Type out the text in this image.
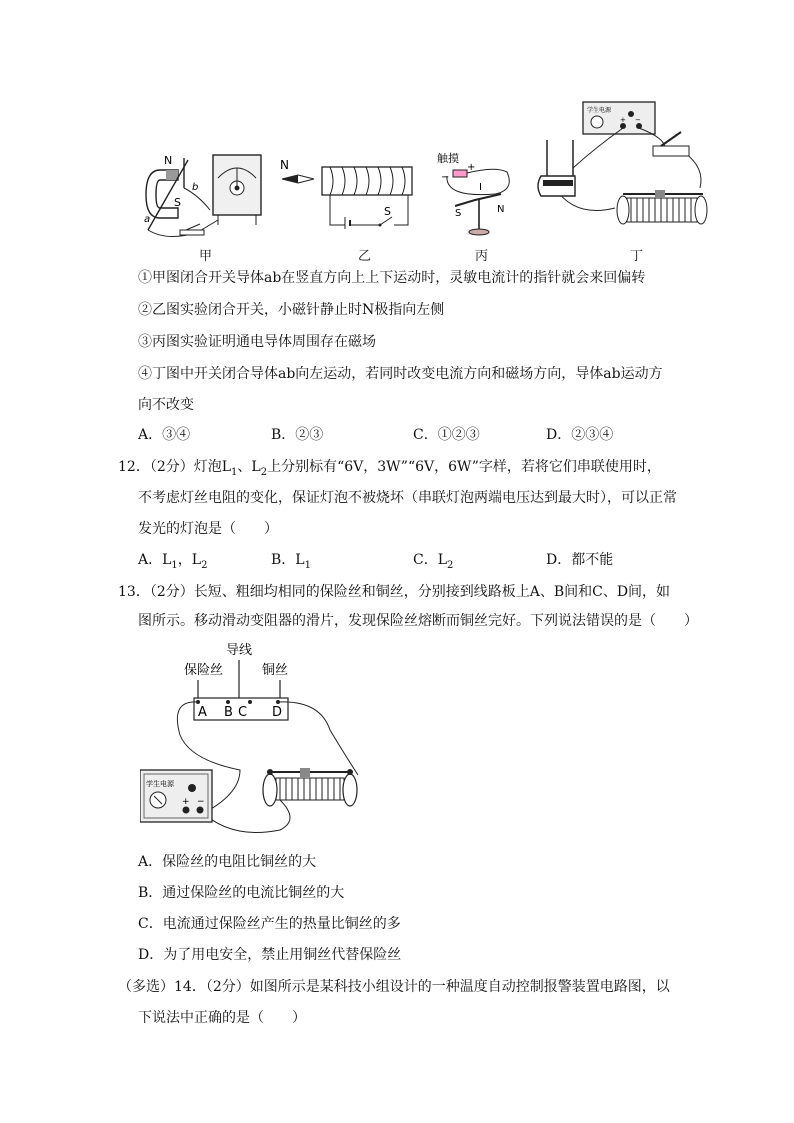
N
S
a
b
甲
N
S
乙
触摸
−
+
I
S	N
丙
学生电源
+ −
丁
①甲图闭合开关导体ab在竖直方向上上下运动时，灵敏电流计的指针就会来回偏转
②乙图实验闭合开关，小磁针静止时N极指向左侧
③丙图实验证明通电导体周围存在磁场
④丁图中开关闭合导体ab向左运动，若同时改变电流方向和磁场方向，导体ab运动方
向不改变
A．③④	B．②③	C．①②③	D．②③④
12．（2分）灯泡$L_1$、$L_2$上分别标有“6V，3W”“6V，6W”字样，若将它们串联使用时，
不考虑灯丝电阻的变化，保证灯泡不被烧坏（串联灯泡两端电压达到最大时），可以正常
发光的灯泡是（　　）
A．$L_1$，$L_2$	B．$L_1$	C．$L_2$	D．都不能
13．（2分）长短、粗细均相同的保险丝和铜丝，分别接到线路板上A、B间和C、D间，如
图所示。移动滑动变阻器的滑片，发现保险丝熔断而铜丝完好。下列说法错误的是（　　）
导线
保险丝	铜丝
A B C D
学生电源
+ −
A．保险丝的电阻比铜丝的大
B．通过保险丝的电流比铜丝的大
C．电流通过保险丝产生的热量比铜丝的多
D．为了用电安全，禁止用铜丝代替保险丝
（多选）14．（2分）如图所示是某科技小组设计的一种温度自动控制报警装置电路图，以
下说法中正确的是（　　）
